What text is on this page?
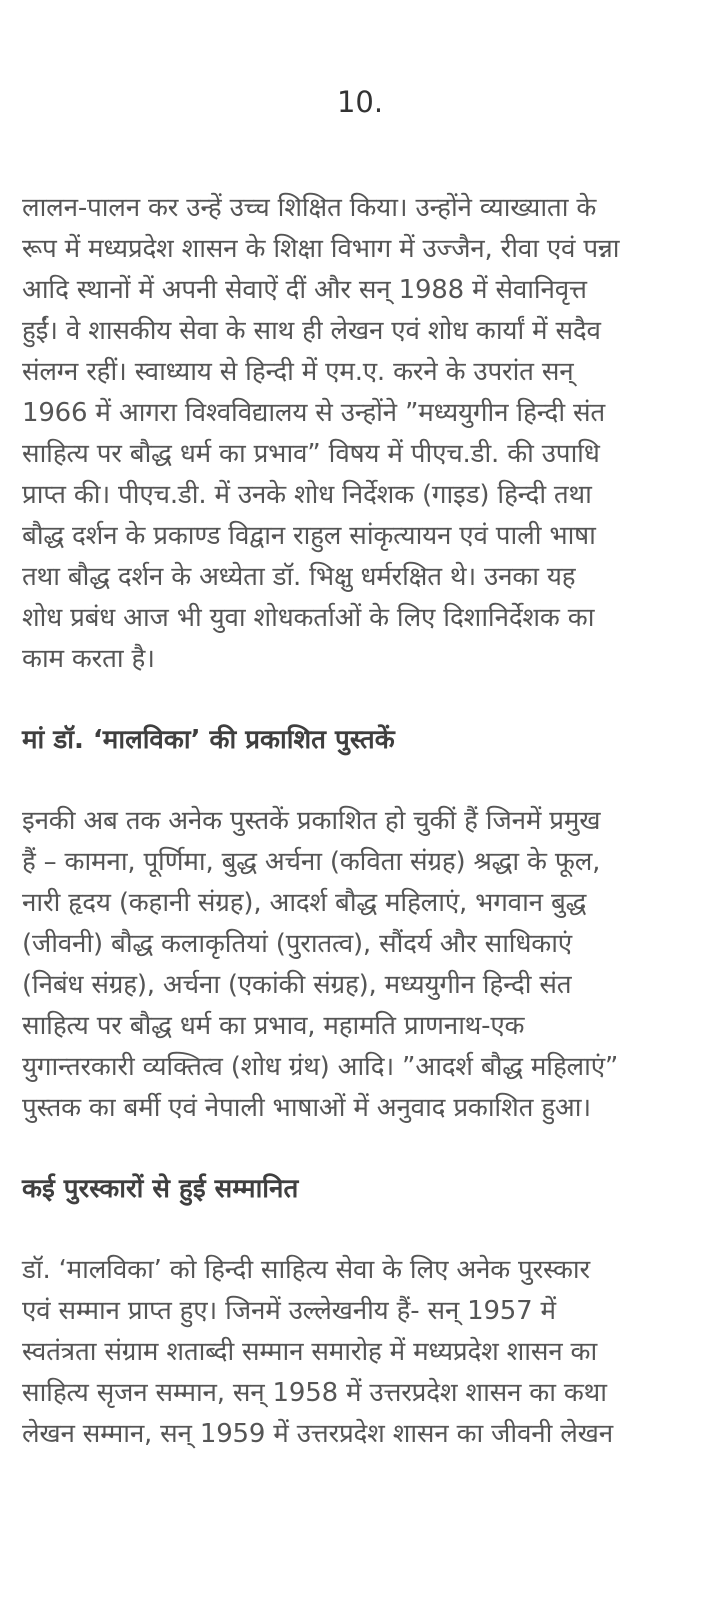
10.

लालन-पालन कर उन्हें उच्च शिक्षित किया। उन्होंने व्याख्याता के
रूप में मध्यप्रदेश शासन के शिक्षा विभाग में उज्जैन, रीवा एवं पन्ना
आदि स्थानों में अपनी सेवाऐं दीं और सन् 1988 में सेवानिवृत्त
हुईं। वे शासकीय सेवा के साथ ही लेखन एवं शोध कार्यां में सदैव
संलग्न रहीं। स्वाध्याय से हिन्दी में एम.ए. करने के उपरांत सन्
1966 में आगरा विश्वविद्यालय से उन्होंने ”मध्ययुगीन हिन्दी संत
साहित्य पर बौद्ध धर्म का प्रभाव” विषय में पीएच.डी. की उपाधि
प्राप्त की। पीएच.डी. में उनके शोध निर्देशक (गाइड) हिन्दी तथा
बौद्ध दर्शन के प्रकाण्ड विद्वान राहुल सांकृत्यायन एवं पाली भाषा
तथा बौद्ध दर्शन के अध्येता डॉ. भिक्षु धर्मरक्षित थे। उनका यह
शोध प्रबंध आज भी युवा शोधकर्ताओं के लिए दिशानिर्देशक का
काम करता है।

मां डॉ. ‘मालविका’ की प्रकाशित पुस्तकें

इनकी अब तक अनेक पुस्तकें प्रकाशित हो चुकीं हैं जिनमें प्रमुख
हैं – कामना, पूर्णिमा, बुद्ध अर्चना (कविता संग्रह) श्रद्धा के फूल,
नारी हृदय (कहानी संग्रह), आदर्श बौद्ध महिलाएं, भगवान बुद्ध
(जीवनी) बौद्ध कलाकृतियां (पुरातत्व), सौंदर्य और साधिकाएं
(निबंध संग्रह), अर्चना (एकांकी संग्रह), मध्ययुगीन हिन्दी संत
साहित्य पर बौद्ध धर्म का प्रभाव, महामति प्राणनाथ-एक
युगान्तरकारी व्यक्तित्व (शोध ग्रंथ) आदि। ”आदर्श बौद्ध महिलाएं”
पुस्तक का बर्मी एवं नेपाली भाषाओं में अनुवाद प्रकाशित हुआ।

कई पुरस्कारों से हुई सम्मानित

डॉ. ‘मालविका’ को हिन्दी साहित्य सेवा के लिए अनेक पुरस्कार
एवं सम्मान प्राप्त हुए। जिनमें उल्लेखनीय हैं- सन् 1957 में
स्वतंत्रता संग्राम शताब्दी सम्मान समारोह में मध्यप्रदेश शासन का
साहित्य सृजन सम्मान, सन् 1958 में उत्तरप्रदेश शासन का कथा
लेखन सम्मान, सन् 1959 में उत्तरप्रदेश शासन का जीवनी लेखन
